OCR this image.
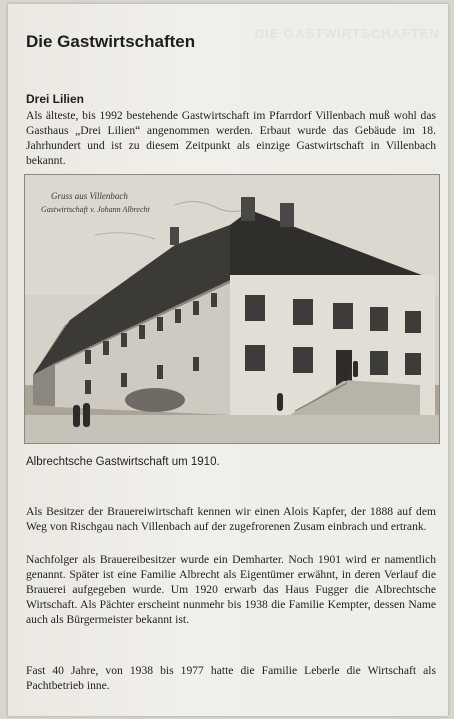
DIE GASTWIRTSCHAFTEN
Die Gastwirtschaften
Drei Lilien

Als älteste, bis 1992 bestehende Gastwirtschaft im Pfarrdorf Villenbach muß wohl das Gasthaus „Drei Lilien“ angenommen werden. Erbaut wurde das Gebäude im 18. Jahrhundert und ist zu diesem Zeitpunkt als einzige Gastwirtschaft in Villenbach bekannt.

Gruss aus Villenbach
Gastwirtschaft v. Johann Albrecht

Albrechtsche Gastwirtschaft um 1910.

Als Besitzer der Brauereiwirtschaft kennen wir einen Alois Kapfer, der 1888 auf dem Weg von Rischgau nach Villenbach auf der zugefrorenen Zusam einbrach und ertrank.

Nachfolger als Brauereibesitzer wurde ein Demharter. Noch 1901 wird er namentlich genannt. Später ist eine Familie Albrecht als Eigentümer erwähnt, in deren Verlauf die Brauerei aufgegeben wurde. Um 1920 erwarb das Haus Fugger die Albrechtsche Wirtschaft. Als Pächter erscheint nunmehr bis 1938 die Familie Kempter, dessen Name auch als Bürgermeister bekannt ist.

Fast 40 Jahre, von 1938 bis 1977 hatte die Familie Leberle die Wirtschaft als Pachtbetrieb inne.
